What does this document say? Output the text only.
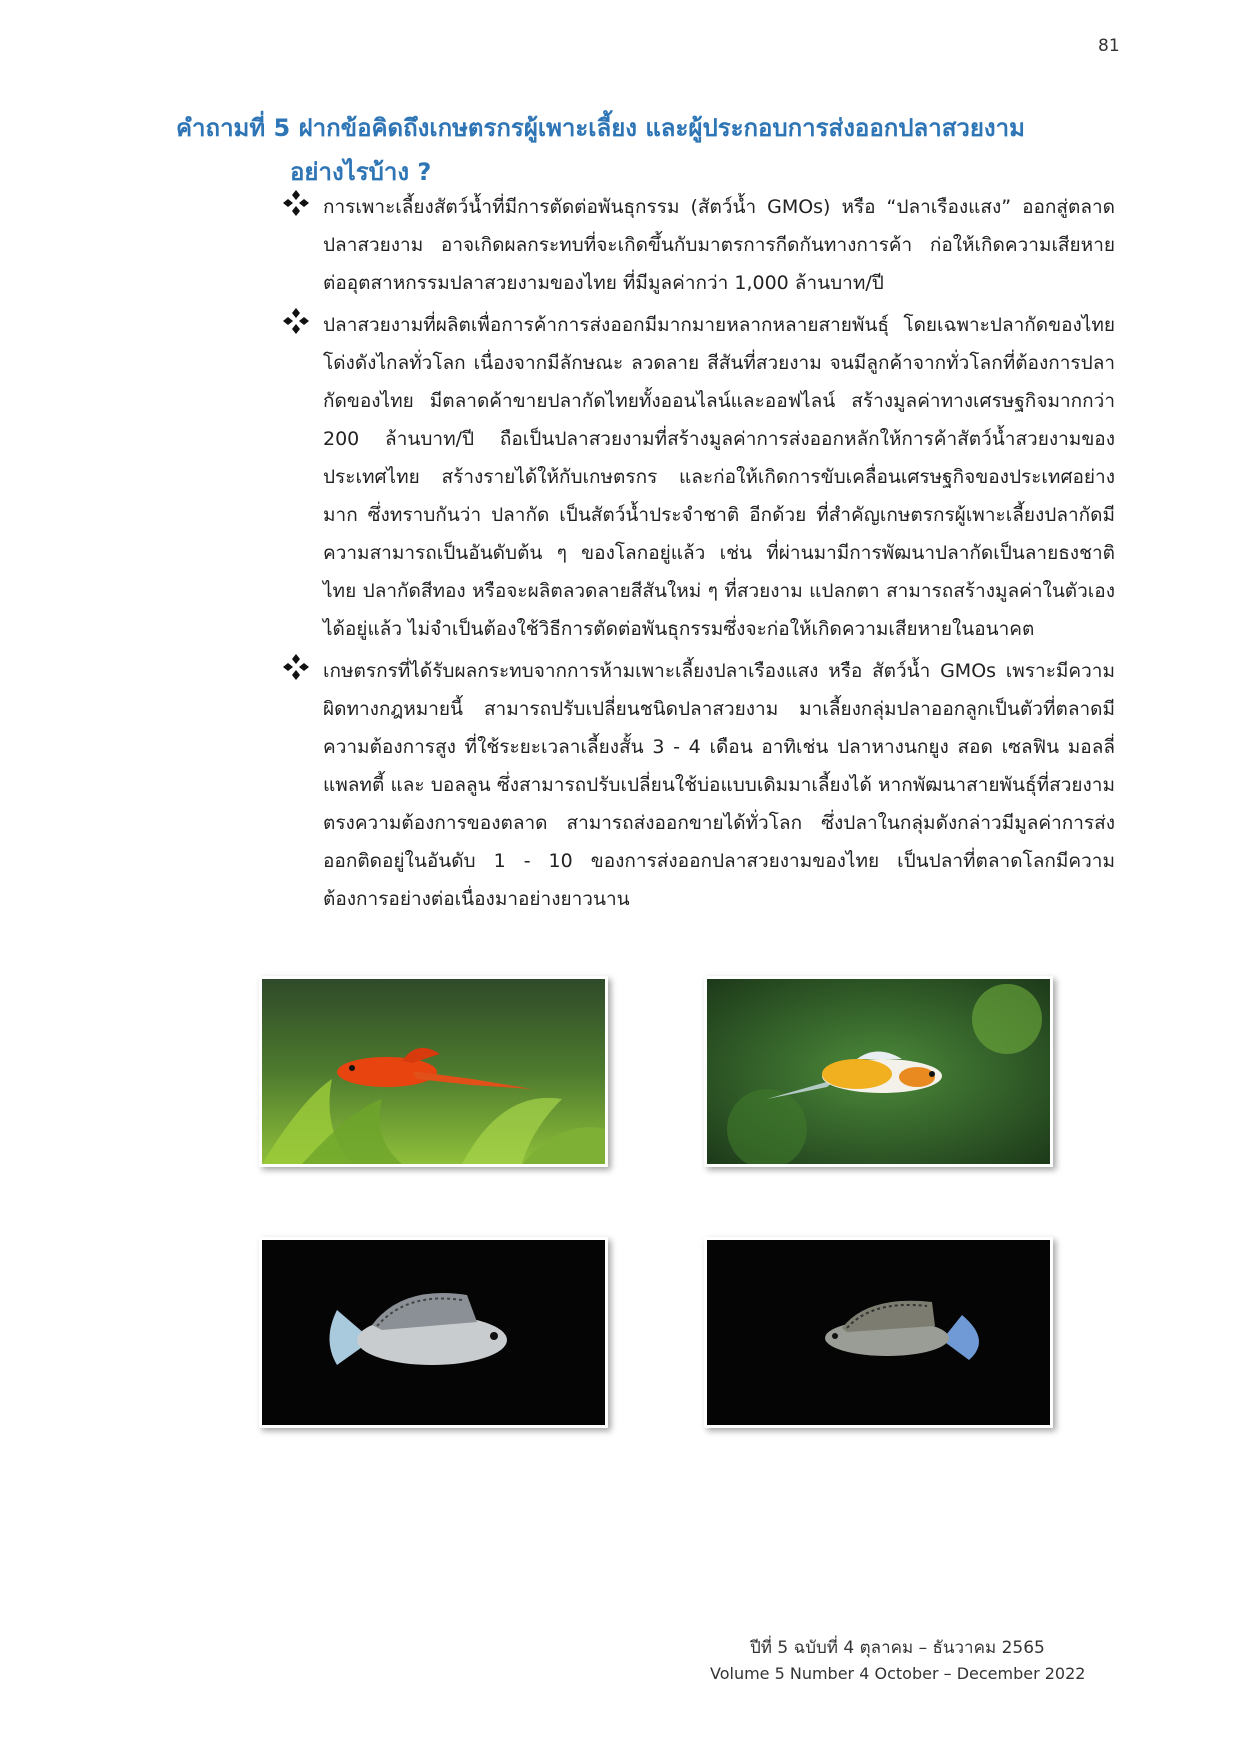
81
คำถามที่ 5 ฝากข้อคิดถึงเกษตรกรผู้เพาะเลี้ยง และผู้ประกอบการส่งออกปลาสวยงาม
อย่างไรบ้าง ?

การเพาะเลี้ยงสัตว์น้ำที่มีการตัดต่อพันธุกรรม (สัตว์น้ำ GMOs) หรือ “ปลาเรืองแสง” ออกสู่ตลาดปลาสวยงาม อาจเกิดผลกระทบที่จะเกิดขึ้นกับมาตรการกีดกันทางการค้า ก่อให้เกิดความเสียหายต่ออุตสาหกรรมปลาสวยงามของไทย ที่มีมูลค่ากว่า 1,000 ล้านบาท/ปี

ปลาสวยงามที่ผลิตเพื่อการค้าการส่งออกมีมากมายหลากหลายสายพันธุ์ โดยเฉพาะปลากัดของไทยโด่งดังไกลทั่วโลก เนื่องจากมีลักษณะ ลวดลาย สีสันที่สวยงาม จนมีลูกค้าจากทั่วโลกที่ต้องการปลากัดของไทย มีตลาดค้าขายปลากัดไทยทั้งออนไลน์และออฟไลน์ สร้างมูลค่าทางเศรษฐกิจมากกว่า 200 ล้านบาท/ปี ถือเป็นปลาสวยงามที่สร้างมูลค่าการส่งออกหลักให้การค้าสัตว์น้ำสวยงามของประเทศไทย สร้างรายได้ให้กับเกษตรกร และก่อให้เกิดการขับเคลื่อนเศรษฐกิจของประเทศอย่างมาก ซึ่งทราบกันว่า ปลากัด เป็นสัตว์น้ำประจำชาติ อีกด้วย ที่สำคัญเกษตรกรผู้เพาะเลี้ยงปลากัดมีความสามารถเป็นอันดับต้น ๆ ของโลกอยู่แล้ว เช่น ที่ผ่านมามีการพัฒนาปลากัดเป็นลายธงชาติไทย ปลากัดสีทอง หรือจะผลิตลวดลายสีสันใหม่ ๆ ที่สวยงาม แปลกตา สามารถสร้างมูลค่าในตัวเองได้อยู่แล้ว ไม่จำเป็นต้องใช้วิธีการตัดต่อพันธุกรรมซึ่งจะก่อให้เกิดความเสียหายในอนาคต

เกษตรกรที่ได้รับผลกระทบจากการห้ามเพาะเลี้ยงปลาเรืองแสง หรือ สัตว์น้ำ GMOs เพราะมีความผิดทางกฎหมายนี้ สามารถปรับเปลี่ยนชนิดปลาสวยงาม มาเลี้ยงกลุ่มปลาออกลูกเป็นตัวที่ตลาดมีความต้องการสูง ที่ใช้ระยะเวลาเลี้ยงสั้น 3 - 4 เดือน อาทิเช่น ปลาหางนกยูง สอด เซลฟิน มอลลี่ แพลทตี้ และ บอลลูน ซึ่งสามารถปรับเปลี่ยนใช้บ่อแบบเดิมมาเลี้ยงได้ หากพัฒนาสายพันธุ์ที่สวยงามตรงความต้องการของตลาด สามารถส่งออกขายได้ทั่วโลก ซึ่งปลาในกลุ่มดังกล่าวมีมูลค่าการส่งออกติดอยู่ในอันดับ 1 - 10 ของการส่งออกปลาสวยงามของไทย เป็นปลาที่ตลาดโลกมีความต้องการอย่างต่อเนื่องมาอย่างยาวนาน

ปีที่ 5 ฉบับที่ 4 ตุลาคม – ธันวาคม 2565
Volume 5 Number 4 October – December 2022
